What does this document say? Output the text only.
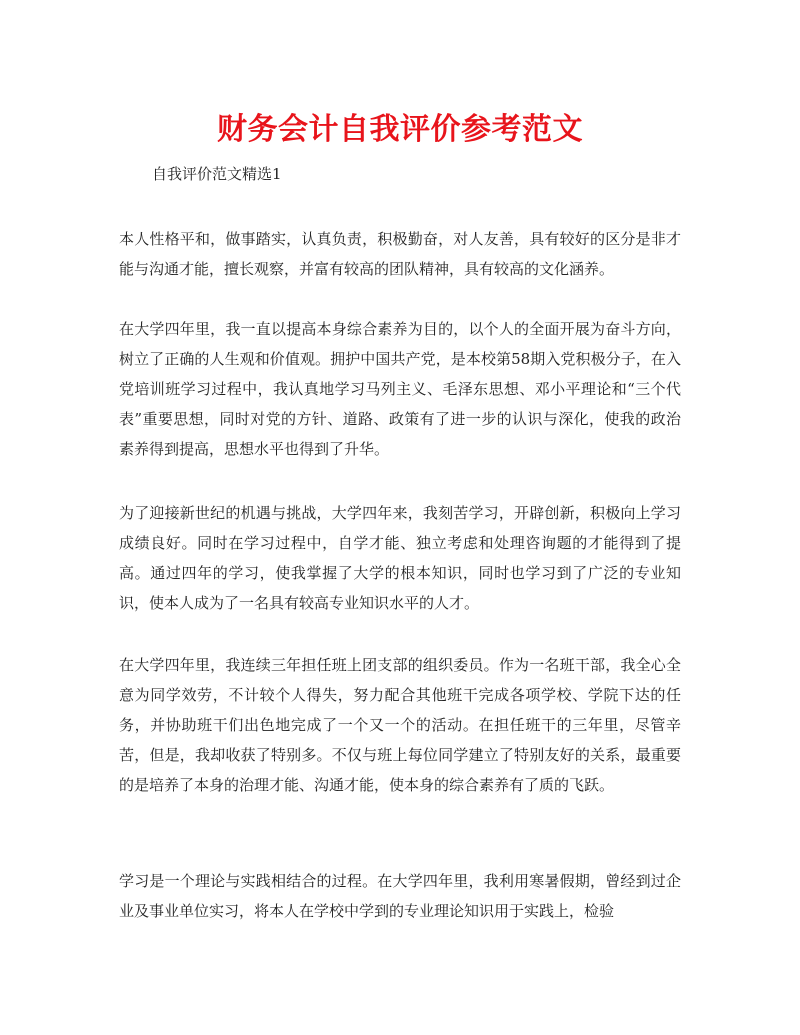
财务会计自我评价参考范文

自我评价范文精选1

本人性格平和，做事踏实，认真负责，积极勤奋，对人友善，具有较好的区分是非才能与沟通才能，擅长观察，并富有较高的团队精神，具有较高的文化涵养。

在大学四年里，我一直以提高本身综合素养为目的，以个人的全面开展为奋斗方向，树立了正确的人生观和价值观。拥护中国共产党，是本校第58期入党积极分子，在入党培训班学习过程中，我认真地学习马列主义、毛泽东思想、邓小平理论和“三个代表”重要思想，同时对党的方针、道路、政策有了进一步的认识与深化，使我的政治素养得到提高，思想水平也得到了升华。

为了迎接新世纪的机遇与挑战，大学四年来，我刻苦学习，开辟创新，积极向上学习成绩良好。同时在学习过程中，自学才能、独立考虑和处理咨询题的才能得到了提高。通过四年的学习，使我掌握了大学的根本知识，同时也学习到了广泛的专业知识，使本人成为了一名具有较高专业知识水平的人才。

在大学四年里，我连续三年担任班上团支部的组织委员。作为一名班干部，我全心全意为同学效劳，不计较个人得失，努力配合其他班干完成各项学校、学院下达的任务，并协助班干们出色地完成了一个又一个的活动。在担任班干的三年里，尽管辛苦，但是，我却收获了特别多。不仅与班上每位同学建立了特别友好的关系，最重要的是培养了本身的治理才能、沟通才能，使本身的综合素养有了质的飞跃。

学习是一个理论与实践相结合的过程。在大学四年里，我利用寒暑假期，曾经到过企业及事业单位实习，将本人在学校中学到的专业理论知识用于实践上，检验
